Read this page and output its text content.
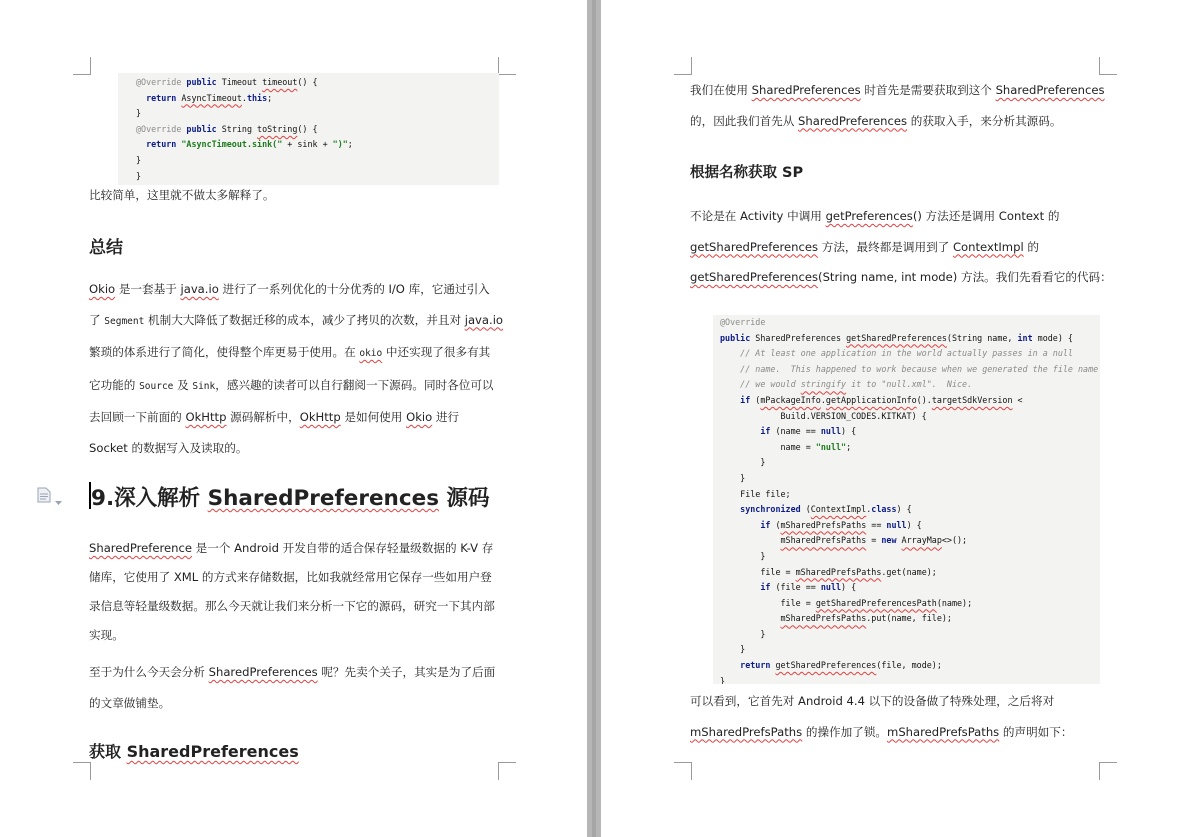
@Override public Timeout timeout() {
return AsyncTimeout.this;
}
@Override public String toString() {
return "AsyncTimeout.sink(" + sink + ")";
}
}

比较简单，这里就不做太多解释了。

总结
Okio 是一套基于 java.io 进行了一系列优化的十分优秀的 I/O 库，它通过引入
了 Segment 机制大大降低了数据迁移的成本，减少了拷贝的次数，并且对 java.io
繁琐的体系进行了简化，使得整个库更易于使用。在 okio 中还实现了很多有其
它功能的 Source 及 Sink，感兴趣的读者可以自行翻阅一下源码。同时各位可以
去回顾一下前面的 OkHttp 源码解析中，OkHttp 是如何使用 Okio 进行
Socket 的数据写入及读取的。
9.深入解析 SharedPreferences 源码
SharedPreference 是一个 Android 开发自带的适合保存轻量级数据的 K-V 存
储库，它使用了 XML 的方式来存储数据，比如我就经常用它保存一些如用户登
录信息等轻量级数据。那么今天就让我们来分析一下它的源码，研究一下其内部
实现。
至于为什么今天会分析 SharedPreferences 呢？先卖个关子，其实是为了后面
的文章做铺垫。
获取 SharedPreferences
我们在使用 SharedPreferences 时首先是需要获取到这个 SharedPreferences
的，因此我们首先从 SharedPreferences 的获取入手，来分析其源码。
根据名称获取 SP
不论是在 Activity 中调用 getPreferences() 方法还是调用 Context 的
getSharedPreferences 方法，最终都是调用到了 ContextImpl 的
getSharedPreferences(String name, int mode) 方法。我们先看看它的代码：
@Override
public SharedPreferences getSharedPreferences(String name, int mode) {
// At least one application in the world actually passes in a null
// name.  This happened to work because when we generated the file name
// we would stringify it to "null.xml".  Nice.
if (mPackageInfo.getApplicationInfo().targetSdkVersion <
Build.VERSION_CODES.KITKAT) {
if (name == null) {
name = "null";
}
}
File file;
synchronized (ContextImpl.class) {
if (mSharedPrefsPaths == null) {
mSharedPrefsPaths = new ArrayMap<>();
}
file = mSharedPrefsPaths.get(name);
if (file == null) {
file = getSharedPreferencesPath(name);
mSharedPrefsPaths.put(name, file);
}
}
return getSharedPreferences(file, mode);
}
可以看到，它首先对 Android 4.4 以下的设备做了特殊处理，之后将对
mSharedPrefsPaths 的操作加了锁。mSharedPrefsPaths 的声明如下：
